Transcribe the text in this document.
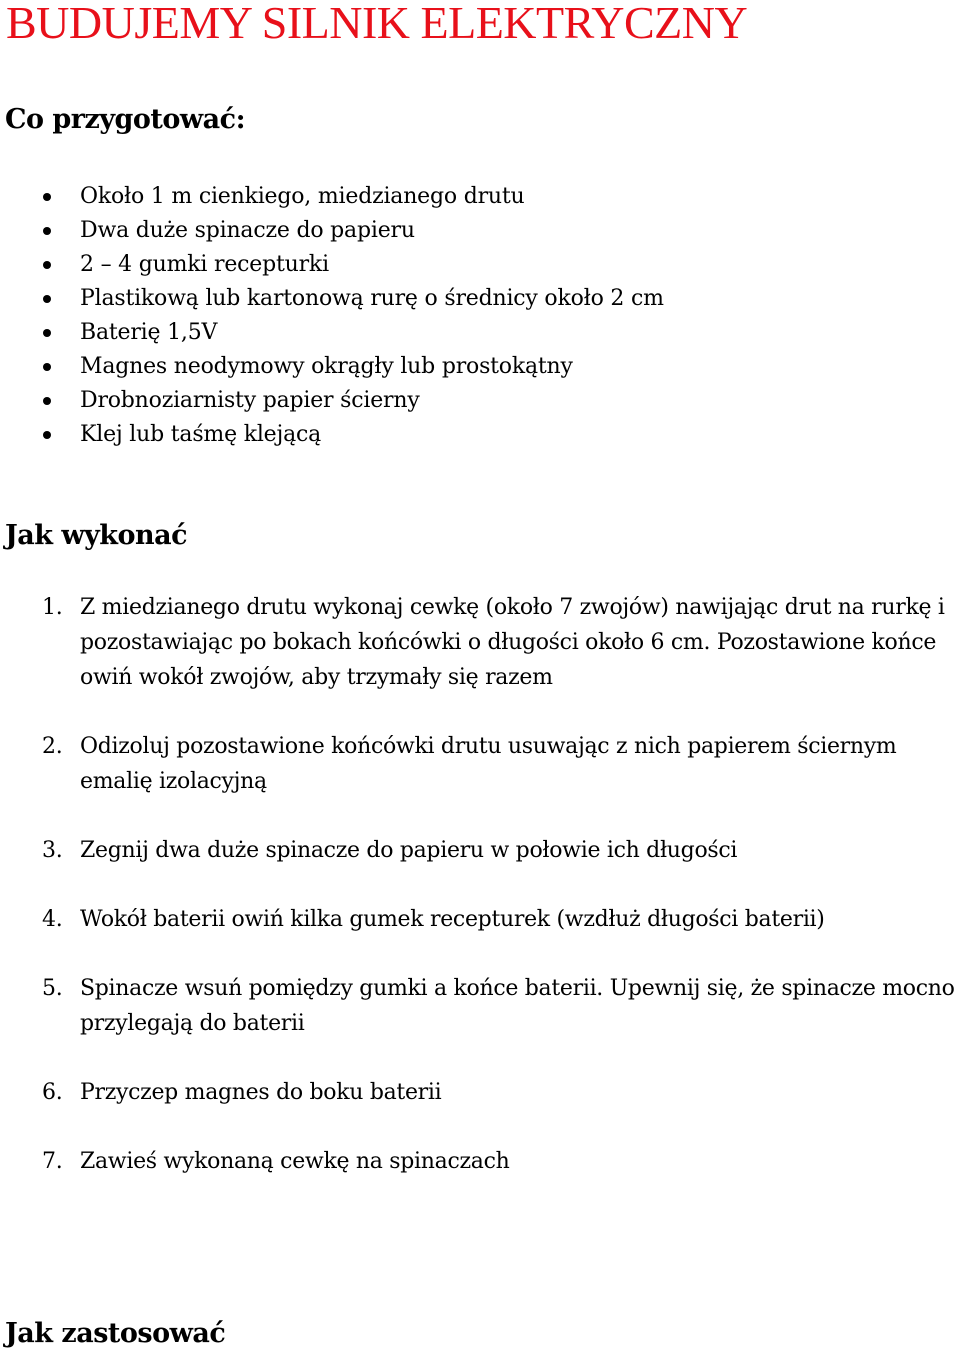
BUDUJEMY SILNIK ELEKTRYCZNY
Co przygotować:
Około 1 m cienkiego, miedzianego drutu
Dwa duże spinacze do papieru
2 – 4 gumki recepturki
Plastikową lub kartonową rurę o średnicy około 2 cm
Baterię 1,5V
Magnes neodymowy okrągły lub prostokątny
Drobnoziarnisty papier ścierny
Klej lub taśmę klejącą
Jak wykonać
1. Z miedzianego drutu wykonaj cewkę (około 7 zwojów) nawijając drut na rurkę i pozostawiając po bokach końcówki o długości około 6 cm. Pozostawione końce owiń wokół zwojów, aby trzymały się razem
2. Odizoluj pozostawione końcówki drutu usuwając z nich papierem ściernym emalię izolacyjną
3. Zegnij dwa duże spinacze do papieru w połowie ich długości
4. Wokół baterii owiń kilka gumek recepturek (wzdłuż długości baterii)
5. Spinacze wsuń pomiędzy gumki a końce baterii. Upewnij się, że spinacze mocno przylegają do baterii
6. Przyczep magnes do boku baterii
7. Zawieś wykonaną cewkę na spinaczach
Jak zastosować
